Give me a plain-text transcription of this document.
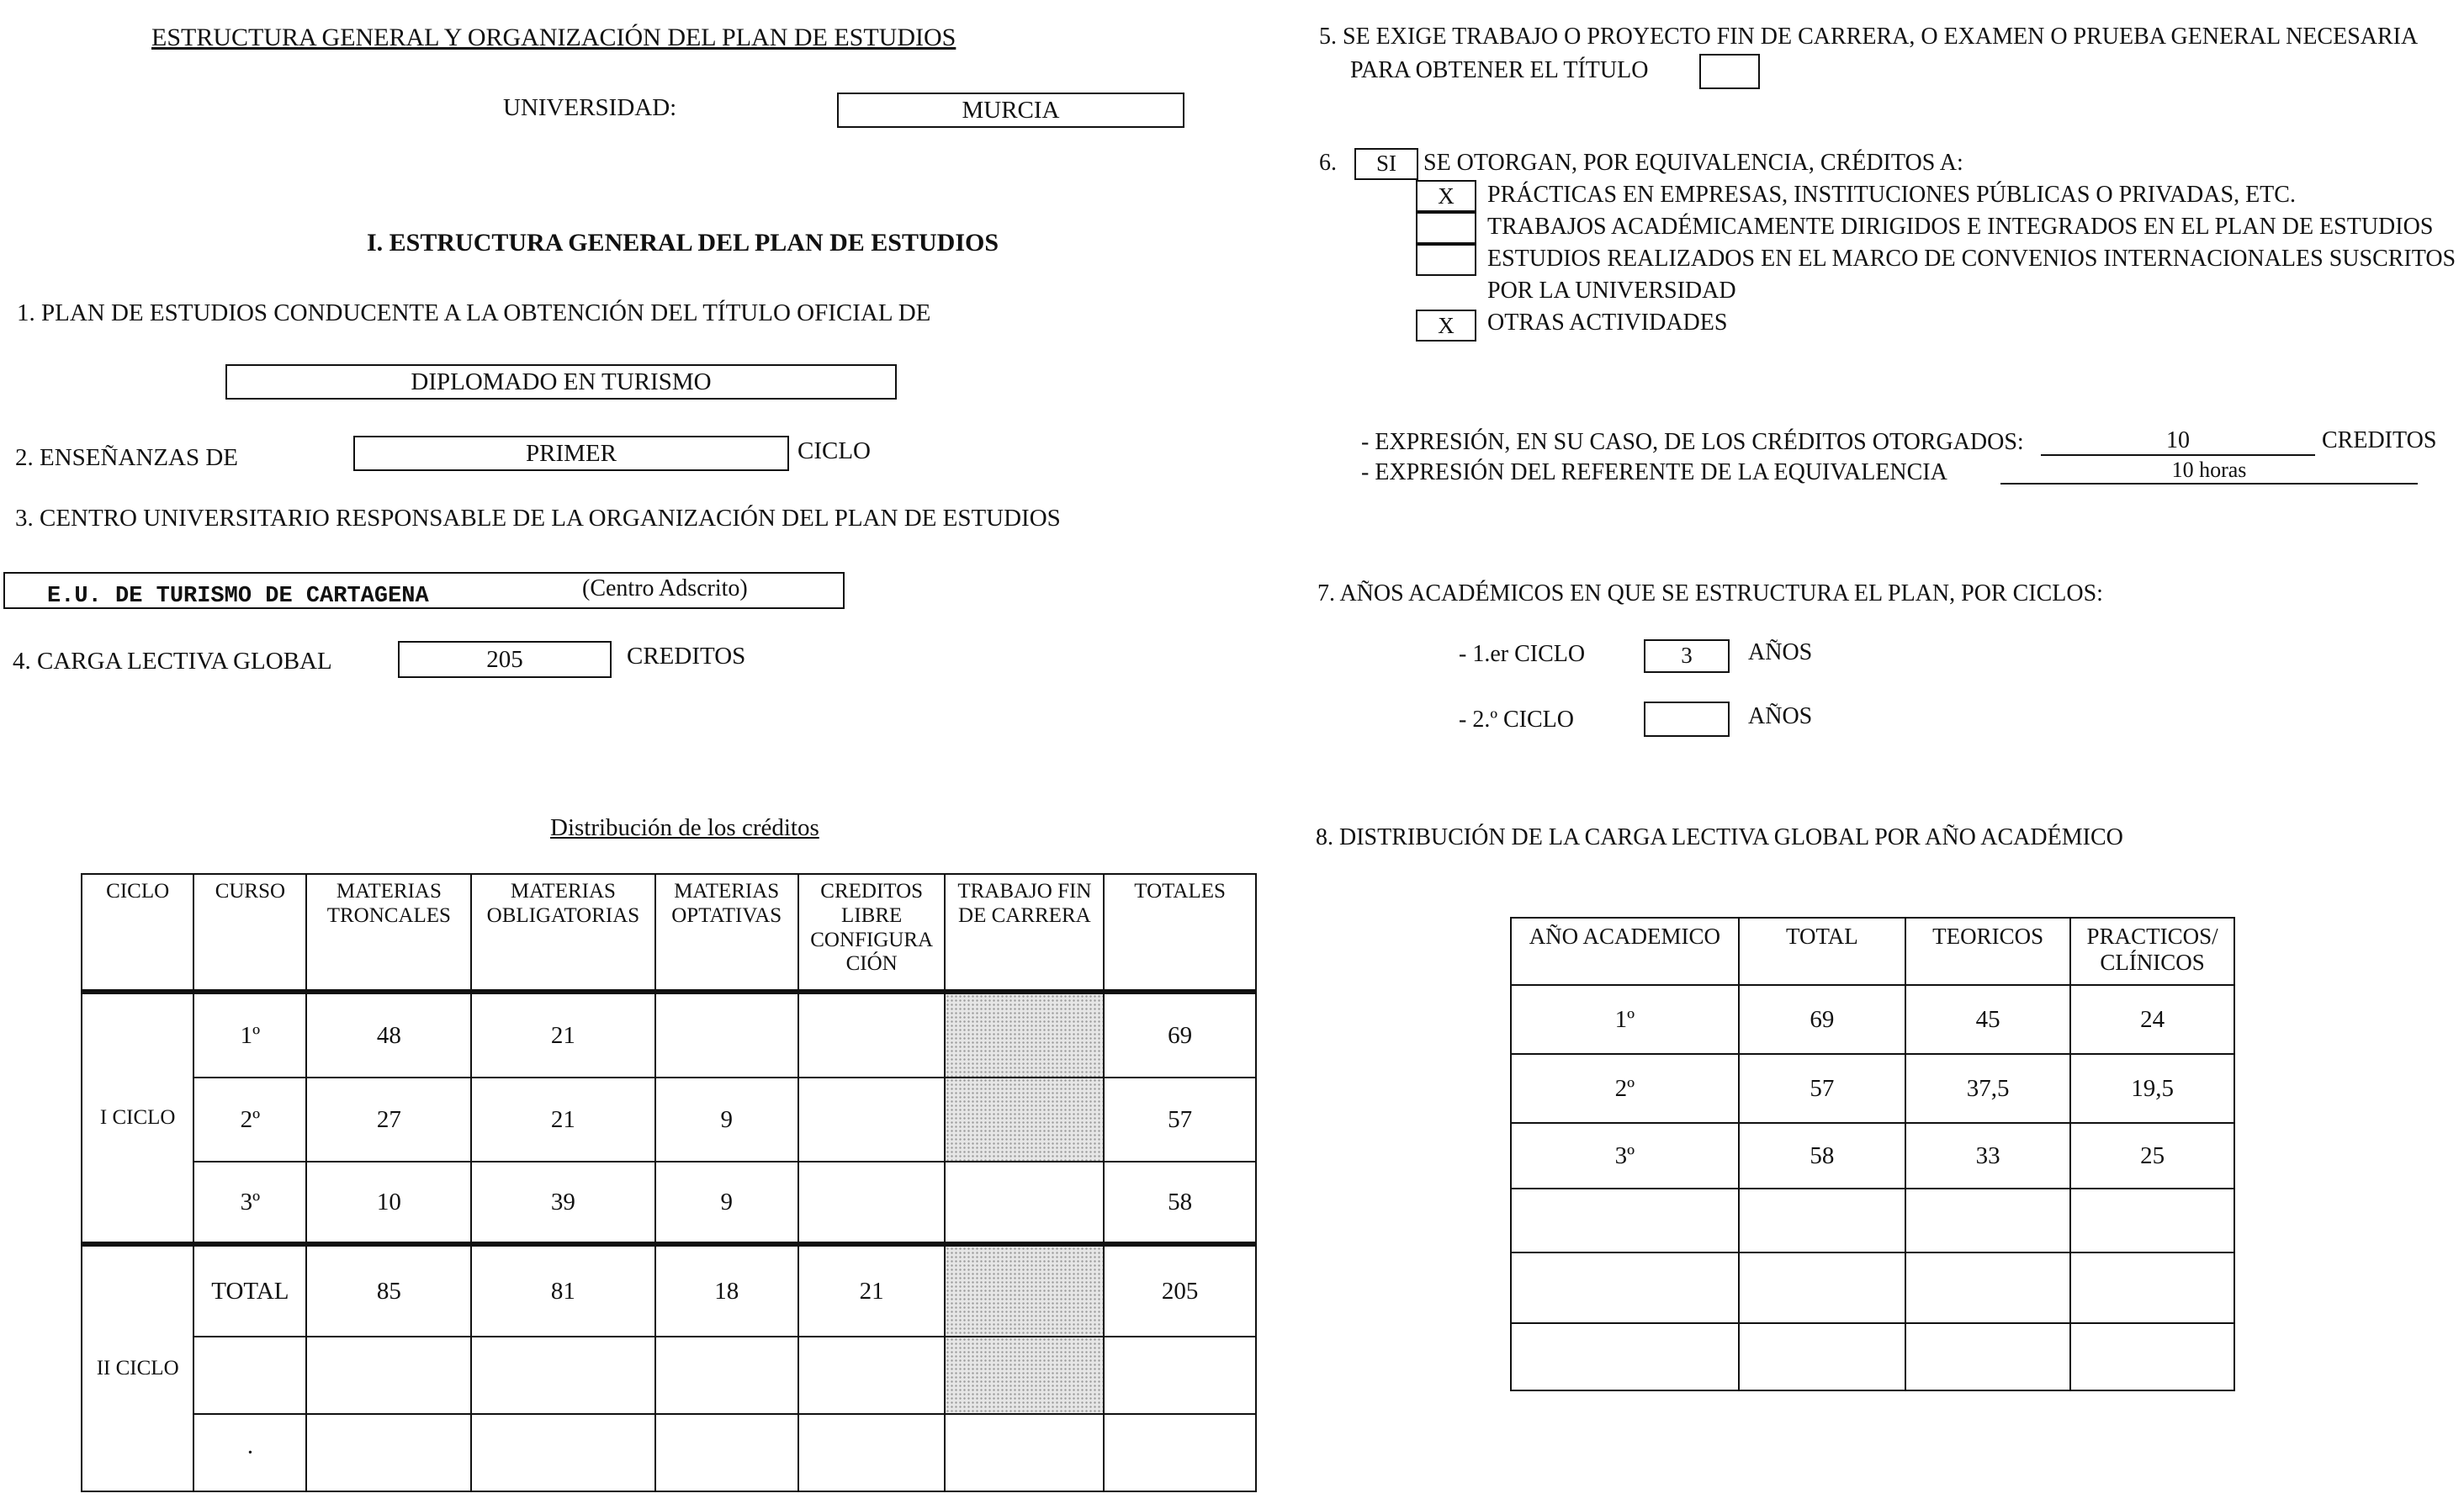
ESTRUCTURA GENERAL Y ORGANIZACIÓN DEL PLAN DE ESTUDIOS
UNIVERSIDAD:	MURCIA
I. ESTRUCTURA GENERAL DEL PLAN DE ESTUDIOS
1. PLAN DE ESTUDIOS CONDUCENTE A LA OBTENCIÓN DEL TÍTULO OFICIAL DE
DIPLOMADO EN TURISMO
2. ENSEÑANZAS DE	PRIMER	CICLO
3. CENTRO UNIVERSITARIO RESPONSABLE DE LA ORGANIZACIÓN DEL PLAN DE ESTUDIOS
E.U. DE TURISMO DE CARTAGENA	(Centro Adscrito)
4. CARGA LECTIVA GLOBAL	205	CREDITOS
Distribución de los créditos
CICLO	CURSO	MATERIAS TRONCALES	MATERIAS OBLIGATORIAS	MATERIAS OPTATIVAS	CREDITOS LIBRE CONFIGURA CIÓN	TRABAJO FIN DE CARRERA	TOTALES
I CICLO	1º	48	21				69
	2º	27	21	9			57
	3º	10	39	9			58
II CICLO	TOTAL	85	81	18	21		205

	·						
5. SE EXIGE TRABAJO O PROYECTO FIN DE CARRERA, O EXAMEN O PRUEBA GENERAL NECESARIA
PARA OBTENER EL TÍTULO
6.	SI	SE OTORGAN, POR EQUIVALENCIA, CRÉDITOS A:
X	PRÁCTICAS EN EMPRESAS, INSTITUCIONES PÚBLICAS O PRIVADAS, ETC.
TRABAJOS ACADÉMICAMENTE DIRIGIDOS E INTEGRADOS EN EL PLAN DE ESTUDIOS
ESTUDIOS REALIZADOS EN EL MARCO DE CONVENIOS INTERNACIONALES SUSCRITOS
POR LA UNIVERSIDAD
X	OTRAS ACTIVIDADES
- EXPRESIÓN, EN SU CASO, DE LOS CRÉDITOS OTORGADOS:	10	CREDITOS
- EXPRESIÓN DEL REFERENTE DE LA EQUIVALENCIA	10 horas
7. AÑOS ACADÉMICOS EN QUE SE ESTRUCTURA EL PLAN, POR CICLOS:
- 1.er CICLO	3	AÑOS
- 2.º CICLO	AÑOS
8. DISTRIBUCIÓN DE LA CARGA LECTIVA GLOBAL POR AÑO ACADÉMICO
AÑO ACADEMICO	TOTAL	TEORICOS	PRACTICOS/ CLÍNICOS
1º	69	45	24
2º	57	37,5	19,5
3º	58	33	25
